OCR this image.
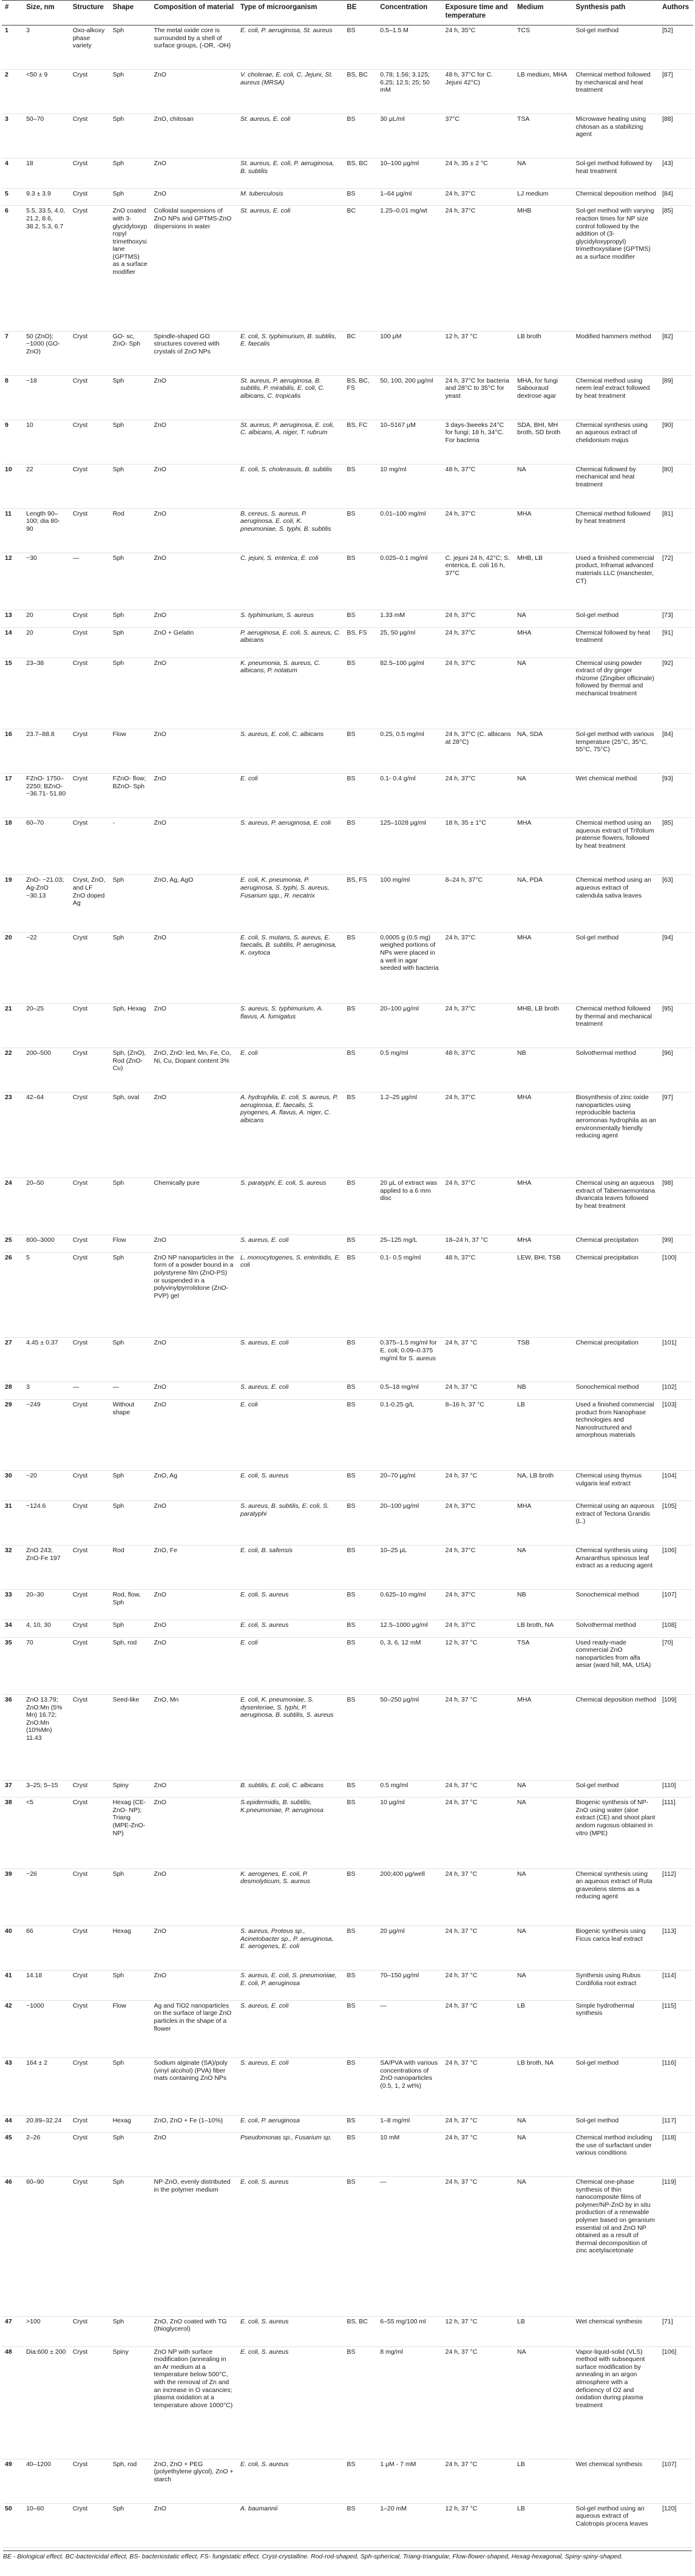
#	Size, nm	Structure	Shape	Composition of material	Type of microorganism	BE	Concentration	Exposure time and temperature	Medium	Synthesis path	Authors
1	3	Oxo-alkoxy phase variety	Sph	The metal oxide core is surrounded by a shell of surface groups, (-OR, -OH)	E. coli, P. aeruginosa, St. aureus	BS	0.5–1.5 M	24 h, 35°C	TCS	Sol-gel method	[52]
2	<50 ± 9	Cryst	Sph	ZnO	V. cholerae, E. coli, C. Jejuni, St. aureus (MRSA)	BS, BC	0.78; 1.56; 3.125; 6.25; 12.5; 25; 50 mM	48 h, 37°C for C. Jejuni 42°C)	LB medium, MHA	Chemical method followed by mechanical and heat treatment	[87]
3	50–70	Cryst	Sph	ZnO, chitosan	St. aureus, E. coli	BS	30 μL/ml	37°C	TSA	Microwave heating using chitosan as a stabilizing agent	[88]
4	18	Cryst	Sph	ZnO	St. aureus, E. coli, P. aeruginosa, B. subtilis	BS, BC	10–100 μg/ml	24 h, 35 ± 2 °C	NA	Sol-gel method followed by heat treatment	[43]
5	9.3 ± 3.9	Cryst	Sph	ZnO	M. tuberculosis	BS	1–64 μg/ml	24 h, 37°C	LJ medium	Chemical deposition method	[84]
6	5.5, 33.5, 4.0, 21.2, 8.6, 38.2, 5.3, 6.7	Cryst	ZnO coated with 3-glycidyloxypropyl trimethoxysilane (GPTMS) as a surface modifier	Colloidal suspensions of ZnO NPs and GPTMS-ZnO dispersions in water	St. aureus, E. coli	BC	1.25–0.01 mg/wt	24 h, 37°C	MHB	Sol-gel method with varying reaction times for NP size control followed by the addition of (3-glycidyloxypropyl) trimethoxysilane (GPTMS) as a surface modifier	[85]
7	50 (ZnO); ~1000 (GO- ZnO)	Cryst	GO- sc, ZnO- Sph	Spindle-shaped GO structures covered with crystals of ZnO NPs	E. coli, S. typhimurium, B. subtilis, E. faecalis	BC	100 μM	12 h, 37 °C	LB broth	Modified hammers method	[82]
8	~18	Cryst	Sph	ZnO	St. aureus, P. aeruginosa, B. subtilis, P. mirabilis, E. coli, C. albicans, C. tropicalis	BS, BC, FS	50, 100, 200 μg/ml	24 h, 37°C for bacteria and 28°C to 35°C for yeast	MHA, for fungi Sabouraud dextrose agar	Chemical method using neem leaf extract followed by heat treatment	[89]
9	10	Cryst	Sph	ZnO	St. aureus, P. aeruginosa, E. coli, C. albicans, A. niger, T. rubrum	BS, FC	10–5167 μM	3 days-3weeks 24°C for fungi; 18 h, 34°C. For bacteria	SDA, BHI, MH broth, SD broth	Chemical synthesis using an aqueous extract of chelidonium majus	[90]
10	22	Cryst	Sph	ZnO	E. coli, S. cholerasuis, B. subtilis	BS	10 mg/ml	48 h, 37°C	NA	Chemical followed by mechanical and heat treatment	[80]
11	Length 90–100; dia 80- 90	Cryst	Rod	ZnO	B. cereus, S. aureus, P. aeruginosa, E. coli, K. pneumoniae, S. typhi, B. subtilis	BS	0.01–100 mg/ml	24 h, 37°C	MHA	Chemical method followed by heat treatment	[81]
12	~30	—	Sph	ZnO	C. jejuni, S. enterica, E. coli	BS	0.025–0.1 mg/ml	C. jejuni 24 h, 42°C; S. enterica, E. coli 16 h, 37°C	MHB, LB	Used a finished commercial product, Inframat advanced materials LLC (manchester, CT)	[72]
13	20	Cryst	Sph	ZnO	S. typhimurium, S. aureus	BS	1.33 mM	24 h, 37°C	NA	Sol-gel method	[73]
14	20	Cryst	Sph	ZnO + Gelatin	P. aeruginosa, E. coli, S. aureus, C. albicans	BS, FS	25, 50 μg/ml	24 h, 37°C	MHA	Chemical followed by heat treatment	[91]
15	23–38	Cryst	Sph	ZnO	K. pneumonia, S. aureus, C. albicans, P. notatum	BS	82.5–100 μg/ml	24 h, 37°C	NA	Chemical using powder extract of dry ginger rhizome (Zingiber officinale) followed by thermal and mechanical treatment	[92]
16	23.7–88.8	Cryst	Flow	ZnO	S. aureus, E. coli, C. albicans	BS	0.25, 0.5 mg/ml	24 h, 37°C (C. albicans at 28°C)	NA, SDA	Sol-gel method with various temperature (25°C, 35°C, 55°C, 75°C)	[84]
17	FZnO- 1750–2250; BZnO- ~36.71- 51.80	Cryst	FZnO- flow; BZnO- Sph	ZnO	E. coli	BS	0.1- 0.4 g/ml	24 h, 37°C	NA	Wet chemical method	[93]
18	60–70	Cryst	-	ZnO	S. aureus, P. aeruginosa, E. coli	BS	125–1028 μg/ml	18 h, 35 ± 1°C	MHA	Chemical method using an aqueous extract of Trifolium pratense flowers, followed by heat treatment	[85]
19	ZnO- ~21.03; Ag-ZnO ~30.13	Cryst, ZnO, and LF ZnO doped Ag	Sph	ZnO, Ag, AgO	E. coli, K. pneumonia, P. aeruginosa, S. typhi, S. aureus, Fusarium spp., R. necatrix	BS, FS	100 mg/ml	8–24 h, 37°C	NA, PDA	Chemical method using an aqueous extract of calendula sativa leaves	[63]
20	~22	Cryst	Sph	ZnO	E. coli, S. mutans, S. aureus, E. faecalis, B. subtilis, P. aeruginosa, K. oxytoca	BS	0.0005 g (0.5 mg) weighed portions of NPs were placed in a well in agar seeded with bacteria	24 h, 37°C	MHA	Sol-gel method	[94]
21	20–25	Cryst	Sph, Hexag	ZnO	S. aureus, S. typhimurium, A. flavus, A. fumigatus	BS	20–100 μg/ml	24 h, 37°C	MHB, LB broth	Chemical method followed by thermal and mechanical treatment	[95]
22	200–500	Cryst	Sph, (ZnO), Rod (ZnO-Cu)	ZnO, ZnO: led, Mn, Fe, Co, Ni, Cu, Dopant content 3%	E. coli	BS	0.5 mg/ml	48 h, 37°C	NB	Solvothermal method	[96]
23	42–64	Cryst	Sph, oval	ZnO	A. hydrophila, E. coli, S. aureus, P. aeruginosa, E. faecalis, S. pyogenes, A. flavus, A. niger, C. albicans	BS	1.2–25 μg/ml	24 h, 37°C	MHA	Biosynthesis of zinc oxide nanoparticles using reproducible bacteria aeromonas hydrophila as an environmentally friendly reducing agent	[97]
24	20–50	Cryst	Sph	Chemically pure	S. paratyphi, E. coli, S. aureus	BS	20 μL of extract was applied to a 6 mm disc	24 h, 37°C	MHA	Chemical using an aqueous extract of Tabernaemontana divaricata leaves followed by heat treatment	[98]
25	800–3000	Cryst	Flow	ZnO	S. aureus, E. coli	BS	25–125 mg/L	18–24 h, 37 °C	MHA	Chemical precipitation	[99]
26	5	Cryst	Sph	ZnO NP nanoparticles in the form of a powder bound in a polystyrene film (ZnO-PS) or suspended in a polyvinylpyrrolidone (ZnO-PVP) gel	L. monocytogenes, S. enteritidis, E. coli	BS	0.1- 0.5 mg/ml	48 h, 37°C	LEW, BHI, TSB	Chemical precipitation	[100]
27	4.45 ± 0.37	Cryst	Sph	ZnO	S. aureus, E. coli	BS	0.375–1.5 mg/ml for E. coli; 0.09–0.375 mg/ml for S. aureus	24 h, 37 °C	TSB	Chemical precipitation	[101]
28	3	—	—	ZnO	S. aureus, E. coli	BS	0.5–18 mg/ml	24 h, 37 °C	NB	Sonochemical method	[102]
29	~249	Cryst	Without shape	ZnO	E. coli	BS	0.1-0.25 g/L	8–16 h, 37 °C	LB	Used a finished commercial product from Nanophase technologies and Nanostructured and amorphous materials	[103]
30	~20	Cryst	Sph	ZnO, Ag	E. coli, S. aureus	BS	20–70 μg/ml	24 h, 37 °C	NA, LB broth	Chemical using thymus vulgaris leaf extract	[104]
31	~124.6	Cryst	Sph	ZnO	S. aureus, B. subtilis, E. coli, S. paratyphi	BS	20–100 μg/ml	24 h, 37°C	MHA	Chemical using an aqueous extract of Tectona Grandis (L.)	[105]
32	ZnO 243; ZnO-Fe 197	Cryst	Rod	ZnO, Fe	E. coli, B. safensis	BS	10–25 μL	24 h, 37°C	NA	Chemical synthesis using Amaranthus spinosus leaf extract as a reducing agent	[106]
33	20–30	Cryst	Rod, flow, Sph	ZnO	E. coli, S. aureus	BS	0.625–10 mg/ml	24 h, 37°C	NB	Sonochemical method	[107]
34	4, 10, 30	Cryst	Sph	ZnO	E. coli, S. aureus	BS	12.5–1000 μg/ml	24 h, 37°C	LB broth, NA	Solvothermal method	[108]
35	70	Cryst	Sph, rod	ZnO	E. coli	BS	0, 3, 6, 12 mM	12 h, 37 °C	TSA	Used ready-made commercial ZnO nanoparticles from alfa aesar (ward hill, MA, USA)	[70]
36	ZnO 13.79; ZnO:Mn (5% Mn) 16.72; ZnO:Mn (10%Mn) 11.43	Cryst	Seed-like	ZnO, Mn	E. coli, K. pneumoniae, S. dysenteriae, S. typhi, P. aeruginosa, B. subtilis, S. aureus	BS	50–250 μg/ml	24 h, 37 °C	MHA	Chemical deposition method	[109]
37	3–25; 5–15	Cryst	Spiny	ZnO	B. subtilis, E. coli, C. albicans	BS	0.5 mg/ml	24 h, 37 °C	NA	Sol-gel method	[110]
38	<5	Cryst	Hexag (CE-ZnO- NP); Triang (MPE-ZnO-NP)	ZnO	S.epidermidis, B. subtilis, K.pneumoniae, P. aeruginosa	BS	10 μg/ml	24 h, 37 °C	NA	Biogenic synthesis of NP-ZnO using water (aloe extract (CE) and shoot plant andom rugosus obtained in vitro (MPE)	[111]
39	~26	Cryst	Sph	ZnO	K. aerogenes, E. coli, P. desmolyticum, S. aureus	BS	200;400 μg/well	24 h, 37 °C	NA	Chemical synthesis using an aqueous extract of Ruta graveolens stems as a reducing agent	[112]
40	66	Cryst	Hexag	ZnO	S. aureus, Proteus sp., Acinetobacter sp., P. aeruginosa, E. aerogenes, E. coli	BS	20 μg/ml	24 h, 37 °C	NA	Biogenic synthesis using Ficus carica leaf extract	[113]
41	14.18	Cryst	Sph	ZnO	S. aureus, E. coli, S. pneumoniae, E. coli, P. aeruginosa	BS	70–150 μg/ml	24 h, 37 °C	NA	Synthesis using Rubus Cordifolia root extract	[114]
42	~1000	Cryst	Flow	Ag and TiO2 nanoparticles on the surface of large ZnO particles in the shape of a flower	S. aureus, E. coli	BS	—	24 h, 37 °C	LB	Simple hydrothermal synthesis	[115]
43	164 ± 2	Cryst	Sph	Sodium alginate (SA)/poly (vinyl alcohol) (PVA) fiber mats containing ZnO NPs	S. aureus, E. coli	BS	SA/PVA with various concentrations of ZnO nanoparticles (0.5, 1, 2 wt%)	24 h, 37 °C	LB broth, NA	Sol-gel method	[116]
44	20.89–32.24	Cryst	Hexag	ZnO, ZnO + Fe (1–10%)	E. coli, P. aeruginosa	BS	1–8 mg/ml	24 h, 37 °C	NA	Sol-gel method	[117]
45	2–26	Cryst	Sph	ZnO	Pseudomonas sp., Fusarium sp.	BS	10 mM	24 h, 37 °C	NA	Chemical method including the use of surfactant under various conditions	[118]
46	60–90	Cryst	Sph	NP-ZnO, evenly distributed in the polymer medium	E. coli, S. aureus	BS	—	24 h, 37 °C	NA	Chemical one-phase synthesis of thin nanocomposite films of polymer/NP-ZnO by in situ production of a renewable polymer based on geranium essential oil and ZnO NP obtained as a result of thermal decomposition of zinc acetylacetonate	[119]
47	>100	Cryst	Sph	ZnO, ZnO coated with TG (thioglycerol)	E. coli, S. aureus	BS, BC	6–55 mg/100 ml	12 h, 37 °C	LB	Wet chemical synthesis	[71]
48	Dia:600 ± 200	Cryst	Spiny	ZnO NP with surface modification (annealing in an Ar medium at a temperature below 500°C, with the removal of Zn and an increase in O vacancies; plasma oxidation at a temperature above 1000°C)	E. coli, S. aureus	BS	8 mg/ml	24 h, 37 °C	NA	Vapor-liquid-solid (VLS) method with subsequent surface modification by annealing in an argon atmosphere with a deficiency of O2 and oxidation during plasma treatment	[106]
49	40–1200	Cryst	Sph, rod	ZnO, ZnO + PEG (polyethylene glycol), ZnO + starch	E. coli, S. aureus	BS	1 μM - 7 mM	24 h, 37 °C	LB	Wet chemical synthesis	[107]
50	10–60	Cryst	Sph	ZnO	A. baumannii	BS	1–20 mM	12 h, 37 °C	LB	Sol-gel method using an aqueous extract of Calotropis procera leaves	[120]
BE - Biological effect. BC-bactericidal effect, BS- bacteriostatic effect, FS- fungistatic effect. Cryst-crystalline. Rod-rod-shaped, Sph-spherical, Triang-triangular, Flow-flower-shaped, Hexag-hexagonal, Spiny-spiny-shaped.
